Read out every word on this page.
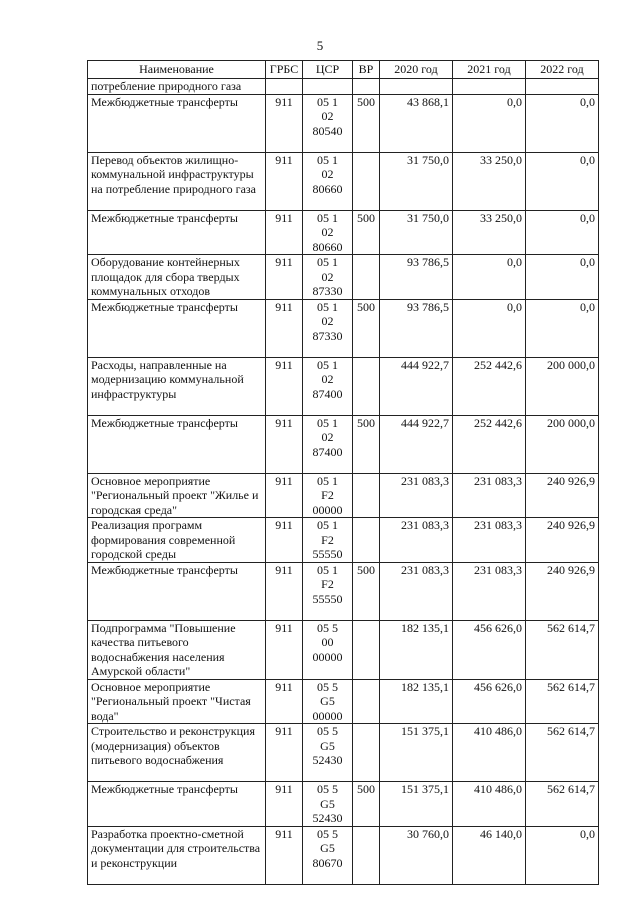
5
Наименование	ГРБС	ЦСР	ВР	2020 год	2021 год	2022 год
потребление природного газа						
Межбюджетные трансферты	911	05 1
02
80540	500	43 868,1	0,0	0,0
Перевод объектов жилищно-коммунальной инфраструктуры на потребление природного газа	911	05 1
02
80660		31 750,0	33 250,0	0,0
Межбюджетные трансферты	911	05 1
02
80660	500	31 750,0	33 250,0	0,0
Оборудование контейнерных площадок для сбора твердых коммунальных отходов	911	05 1
02
87330		93 786,5	0,0	0,0
Межбюджетные трансферты	911	05 1
02
87330	500	93 786,5	0,0	0,0
Расходы, направленные на модернизацию коммунальной инфраструктуры	911	05 1
02
87400		444 922,7	252 442,6	200 000,0
Межбюджетные трансферты	911	05 1
02
87400	500	444 922,7	252 442,6	200 000,0
Основное мероприятие "Региональный проект "Жилье и городская среда"	911	05 1
F2
00000		231 083,3	231 083,3	240 926,9
Реализация программ формирования современной городской среды	911	05 1
F2
55550		231 083,3	231 083,3	240 926,9
Межбюджетные трансферты	911	05 1
F2
55550	500	231 083,3	231 083,3	240 926,9
Подпрограмма "Повышение качества питьевого водоснабжения населения Амурской области"	911	05 5
00
00000		182 135,1	456 626,0	562 614,7
Основное мероприятие "Региональный проект "Чистая вода"	911	05 5
G5
00000		182 135,1	456 626,0	562 614,7
Строительство и реконструкция (модернизация) объектов питьевого водоснабжения	911	05 5
G5
52430		151 375,1	410 486,0	562 614,7
Межбюджетные трансферты	911	05 5
G5
52430	500	151 375,1	410 486,0	562 614,7
Разработка проектно-сметной документации для строительства и реконструкции	911	05 5
G5
80670		30 760,0	46 140,0	0,0
